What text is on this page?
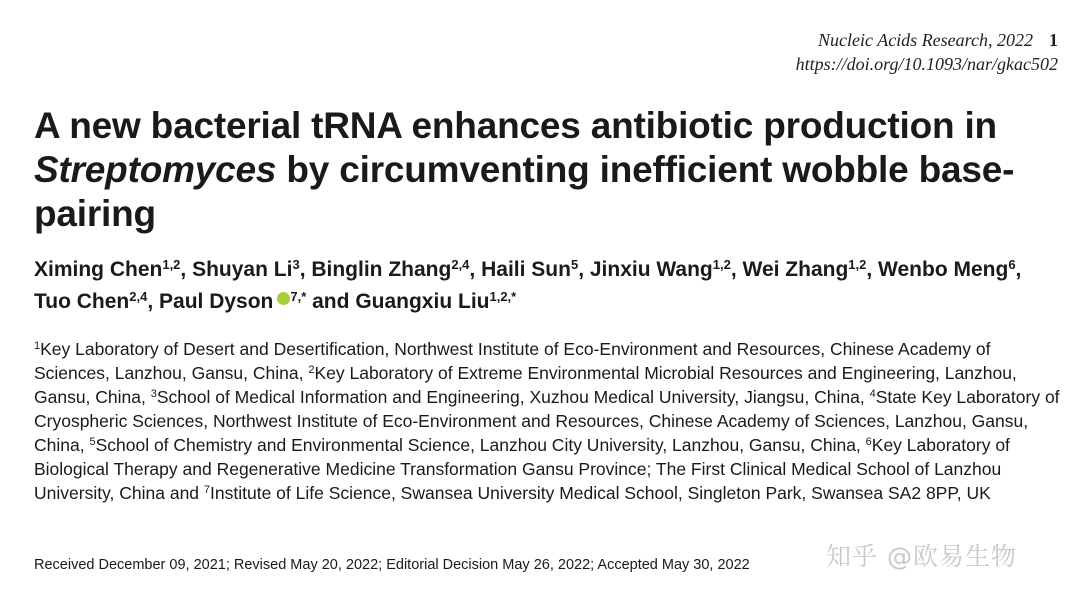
Nucleic Acids Research, 2022 1
https://doi.org/10.1093/nar/gkac502
A new bacterial tRNA enhances antibiotic production in Streptomyces by circumventing inefficient wobble base-pairing
Ximing Chen$^{1,2}$, Shuyan Li$^3$, Binglin Zhang$^{2,4}$, Haili Sun$^5$, Jinxiu Wang$^{1,2}$, Wei Zhang$^{1,2}$, Wenbo Meng$^6$, Tuo Chen$^{2,4}$, Paul Dyson $^{7,*}$ and Guangxiu Liu$^{1,2,*}$
$^1$Key Laboratory of Desert and Desertification, Northwest Institute of Eco-Environment and Resources, Chinese Academy of Sciences, Lanzhou, Gansu, China, $^2$Key Laboratory of Extreme Environmental Microbial Resources and Engineering, Lanzhou, Gansu, China, $^3$School of Medical Information and Engineering, Xuzhou Medical University, Jiangsu, China, $^4$State Key Laboratory of Cryospheric Sciences, Northwest Institute of Eco-Environment and Resources, Chinese Academy of Sciences, Lanzhou, Gansu, China, $^5$School of Chemistry and Environmental Science, Lanzhou City University, Lanzhou, Gansu, China, $^6$Key Laboratory of Biological Therapy and Regenerative Medicine Transformation Gansu Province; The First Clinical Medical School of Lanzhou University, China and $^7$Institute of Life Science, Swansea University Medical School, Singleton Park, Swansea SA2 8PP, UK
Received December 09, 2021; Revised May 20, 2022; Editorial Decision May 26, 2022; Accepted May 30, 2022	知乎 @欧易生物
